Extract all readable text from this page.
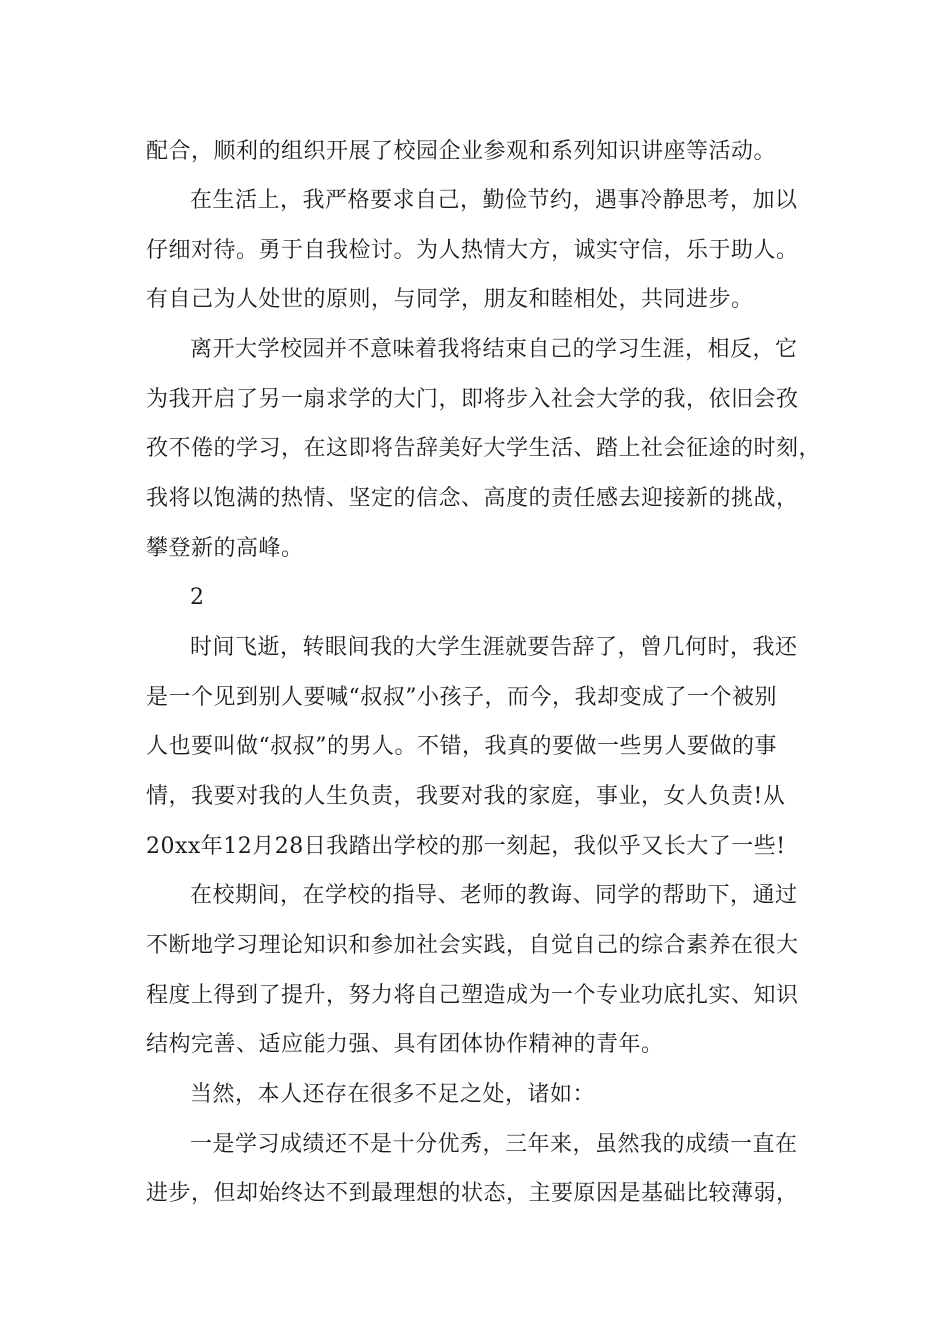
配合，顺利的组织开展了校园企业参观和系列知识讲座等活动。
在生活上，我严格要求自己，勤俭节约，遇事冷静思考，加以
仔细对待。勇于自我检讨。为人热情大方，诚实守信，乐于助人。
有自己为人处世的原则，与同学，朋友和睦相处，共同进步。
离开大学校园并不意味着我将结束自己的学习生涯，相反，它
为我开启了另一扇求学的大门，即将步入社会大学的我，依旧会孜
孜不倦的学习，在这即将告辞美好大学生活、踏上社会征途的时刻，
我将以饱满的热情、坚定的信念、高度的责任感去迎接新的挑战，
攀登新的高峰。
2
时间飞逝，转眼间我的大学生涯就要告辞了，曾几何时，我还
是一个见到别人要喊“叔叔”小孩子，而今，我却变成了一个被别
人也要叫做“叔叔”的男人。不错，我真的要做一些男人要做的事
情，我要对我的人生负责，我要对我的家庭，事业，女人负责!从
20xx年12月28日我踏出学校的那一刻起，我似乎又长大了一些!
在校期间，在学校的指导、老师的教诲、同学的帮助下，通过
不断地学习理论知识和参加社会实践，自觉自己的综合素养在很大
程度上得到了提升，努力将自己塑造成为一个专业功底扎实、知识
结构完善、适应能力强、具有团体协作精神的青年。
当然，本人还存在很多不足之处，诸如：
一是学习成绩还不是十分优秀，三年来，虽然我的成绩一直在
进步，但却始终达不到最理想的状态，主要原因是基础比较薄弱，
